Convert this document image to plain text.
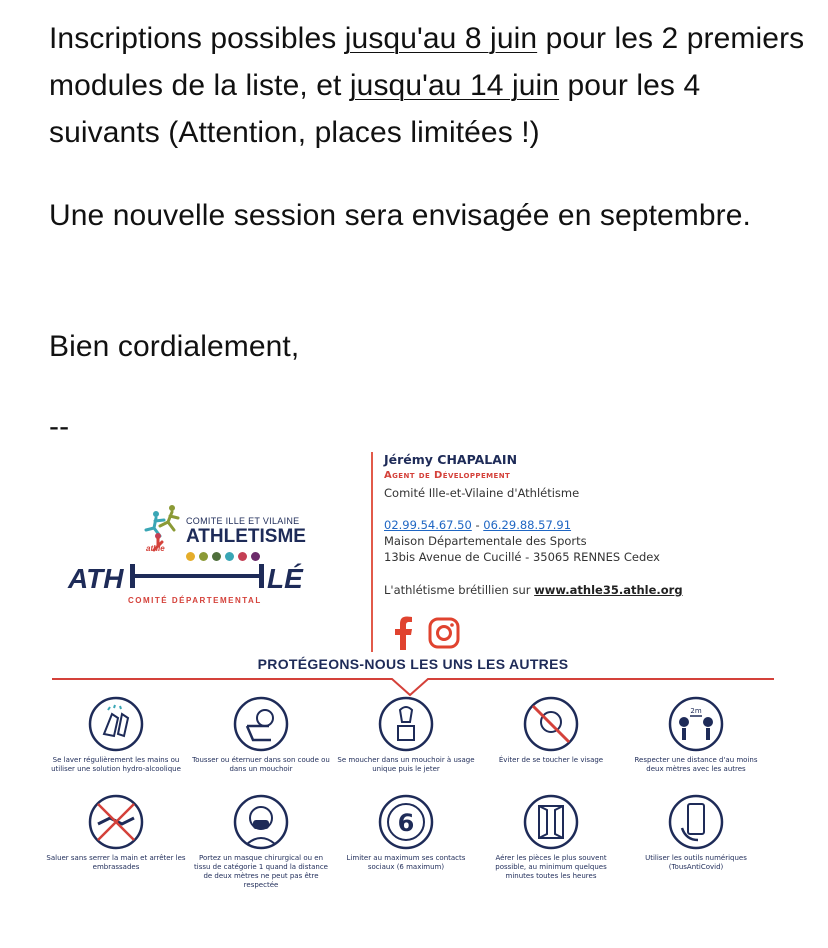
Inscriptions possibles jusqu'au 8 juin pour les 2 premiers modules de la liste, et jusqu'au 14 juin pour les 4 suivants (Attention, places limitées !)

Une nouvelle session sera envisagée en septembre.

Bien cordialement,

--

athle
COMITE ILLE ET VILAINE
ATHLETISME
ATH	LÉ
COMITÉ DÉPARTEMENTAL
Jérémy CHAPALAIN
Agent de Développement
Comité Ille-et-Vilaine d'Athlétisme
02.99.54.67.50 - 06.29.88.57.91
Maison Départementale des Sports
13bis Avenue de Cucillé - 35065 RENNES Cedex
L'athlétisme brétillien sur www.athle35.athle.org
PROTÉGEONS-NOUS LES UNS LES AUTRES
Se laver régulièrement les mains ou utiliser une solution hydro-alcoolique
Tousser ou éternuer dans son coude ou dans un mouchoir
Se moucher dans un mouchoir à usage unique puis le jeter
Éviter de se toucher le visage
2m
Respecter une distance d'au moins deux mètres avec les autres
Saluer sans serrer la main et arrêter les embrassades
Portez un masque chirurgical ou en tissu de catégorie 1 quand la distance de deux mètres ne peut pas être respectée
6
Limiter au maximum ses contacts sociaux (6 maximum)
Aérer les pièces le plus souvent possible, au minimum quelques minutes toutes les heures
Utiliser les outils numériques (TousAntiCovid)
